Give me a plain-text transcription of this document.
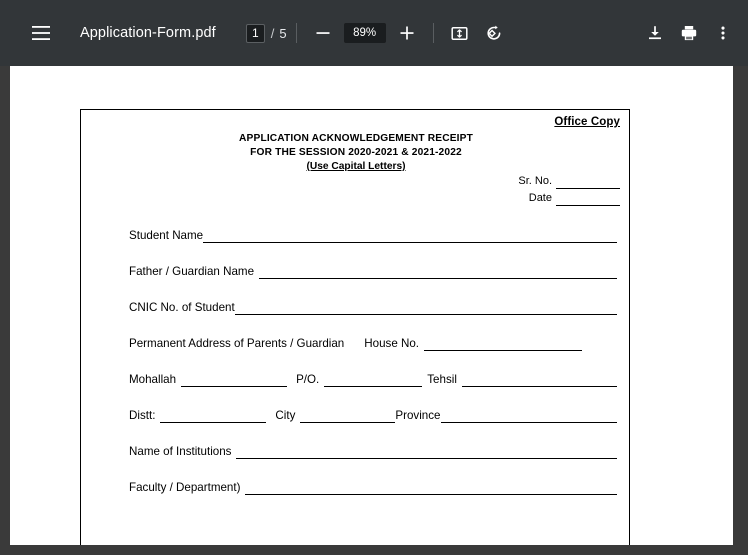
Application-Form.pdf
1	/ 5	89%
Office Copy
APPLICATION ACKNOWLEDGEMENT RECEIPT
FOR THE SESSION 2020-2021 & 2021-2022
(Use Capital Letters)
Sr. No.
Date
Student Name
Father / Guardian Name
CNIC No. of Student
Permanent Address of Parents / Guardian House No.
Mohallah	P/O.	Tehsil
Distt:	City	Province
Name of Institutions
Faculty / Department)
